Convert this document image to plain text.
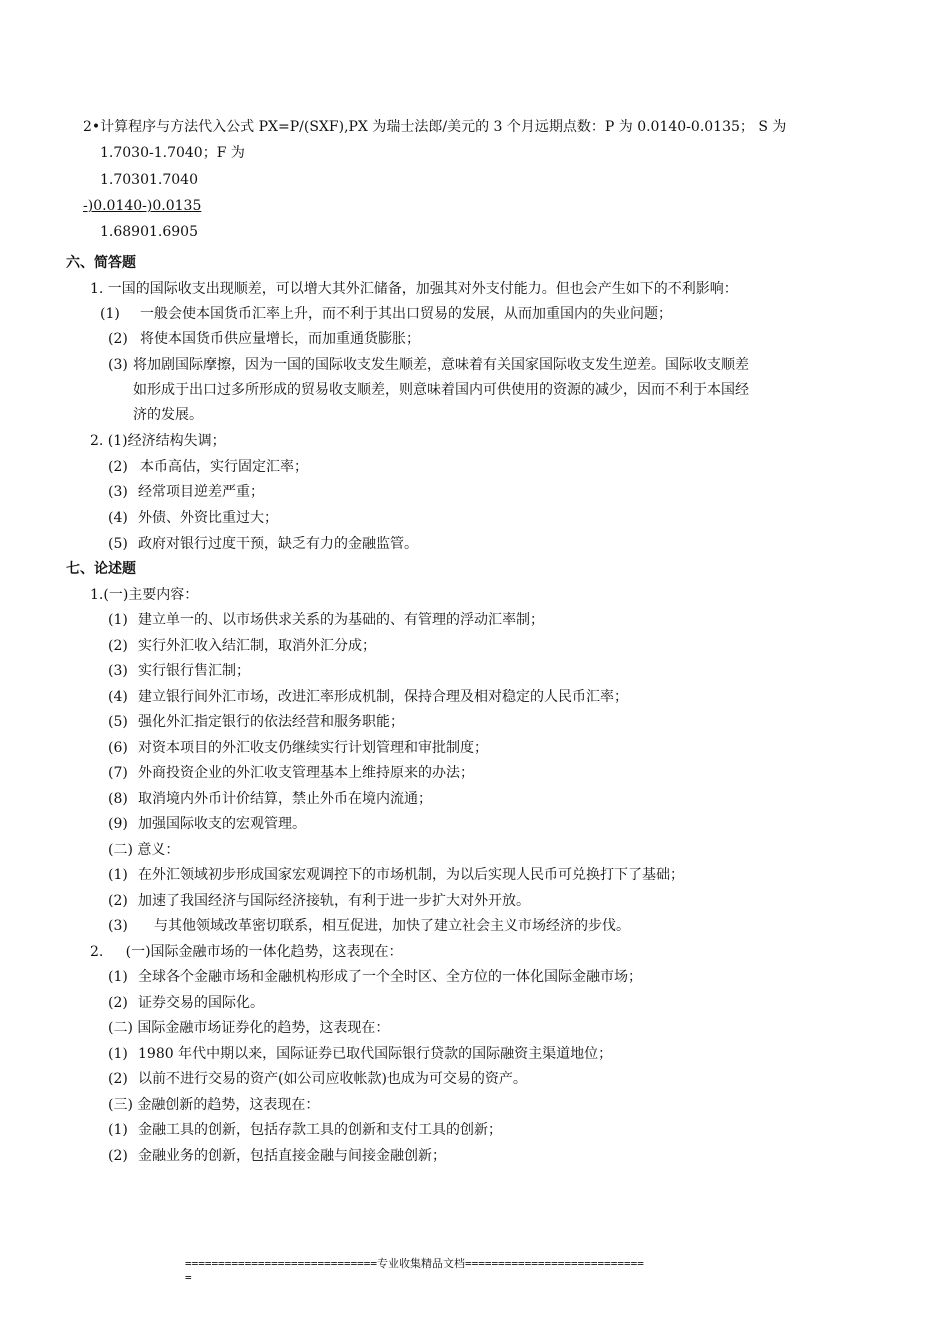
2•计算程序与方法代入公式 PX=P/(SXF),PX 为瑞士法郎/美元的 3 个月远期点数：P 为 0.0140-0.0135； S 为
1.7030-1.7040；F 为
1.70301.7040
-)0.0140-)0.0135
1.68901.6905
六、简答题
1. 一国的国际收支出现顺差，可以增大其外汇储备，加强其对外支付能力。但也会产生如下的不利影响：
(1) 一般会使本国货币汇率上升，而不利于其出口贸易的发展，从而加重国内的失业问题；
(2) 将使本国货币供应量增长，而加重通货膨胀；
(3) 将加剧国际摩擦，因为一国的国际收支发生顺差，意味着有关国家国际收支发生逆差。国际收支顺差
如形成于出口过多所形成的贸易收支顺差，则意味着国内可供使用的资源的减少，因而不利于本国经
济的发展。
2. (1)经济结构失调；
(2) 本币高估，实行固定汇率；
(3) 经常项目逆差严重；
(4) 外债、外资比重过大；
(5) 政府对银行过度干预，缺乏有力的金融监管。
七、论述题
1.(一)主要内容：
(1) 建立单一的、以市场供求关系的为基础的、有管理的浮动汇率制；
(2) 实行外汇收入结汇制，取消外汇分成；
(3) 实行银行售汇制；
(4) 建立银行间外汇市场，改进汇率形成机制，保持合理及相对稳定的人民币汇率；
(5) 强化外汇指定银行的依法经营和服务职能；
(6) 对资本项目的外汇收支仍继续实行计划管理和审批制度；
(7) 外商投资企业的外汇收支管理基本上维持原来的办法；
(8) 取消境内外币计价结算，禁止外币在境内流通；
(9) 加强国际收支的宏观管理。
(二) 意义：
(1) 在外汇领域初步形成国家宏观调控下的市场机制，为以后实现人民币可兑换打下了基础；
(2) 加速了我国经济与国际经济接轨，有利于进一步扩大对外开放。
(3) 与其他领域改革密切联系，相互促进，加快了建立社会主义市场经济的步伐。
2.     (一)国际金融市场的一体化趋势，这表现在：
(1) 全球各个金融市场和金融机构形成了一个全时区、全方位的一体化国际金融市场；
(2) 证券交易的国际化。
(二) 国际金融市场证券化的趋势，这表现在：
(1) 1980 年代中期以来，国际证券已取代国际银行贷款的国际融资主渠道地位；
(2) 以前不进行交易的资产(如公司应收帐款)也成为可交易的资产。
(三) 金融创新的趋势，这表现在：
(1) 金融工具的创新，包括存款工具的创新和支付工具的创新；
(2) 金融业务的创新，包括直接金融与间接金融创新；
=============================专业收集精品文档===========================
=
